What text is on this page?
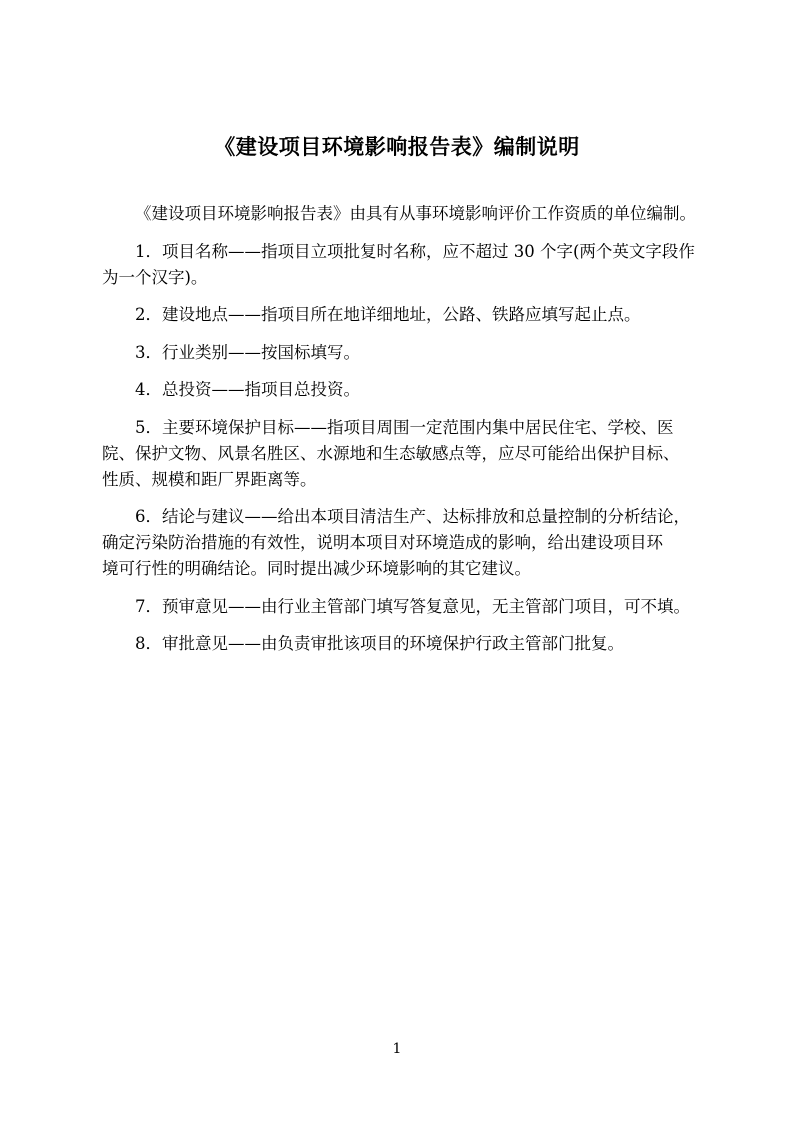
《建设项目环境影响报告表》编制说明

《建设项目环境影响报告表》由具有从事环境影响评价工作资质的单位编制。

1．项目名称——指项目立项批复时名称，应不超过 30 个字(两个英文字段作
为一个汉字)。

2．建设地点——指项目所在地详细地址，公路、铁路应填写起止点。

3．行业类别——按国标填写。

4．总投资——指项目总投资。

5．主要环境保护目标——指项目周围一定范围内集中居民住宅、学校、医
院、保护文物、风景名胜区、水源地和生态敏感点等，应尽可能给出保护目标、
性质、规模和距厂界距离等。

6．结论与建议——给出本项目清洁生产、达标排放和总量控制的分析结论，
确定污染防治措施的有效性，说明本项目对环境造成的影响，给出建设项目环
境可行性的明确结论。同时提出减少环境影响的其它建议。

7．预审意见——由行业主管部门填写答复意见，无主管部门项目，可不填。

8．审批意见——由负责审批该项目的环境保护行政主管部门批复。

1
